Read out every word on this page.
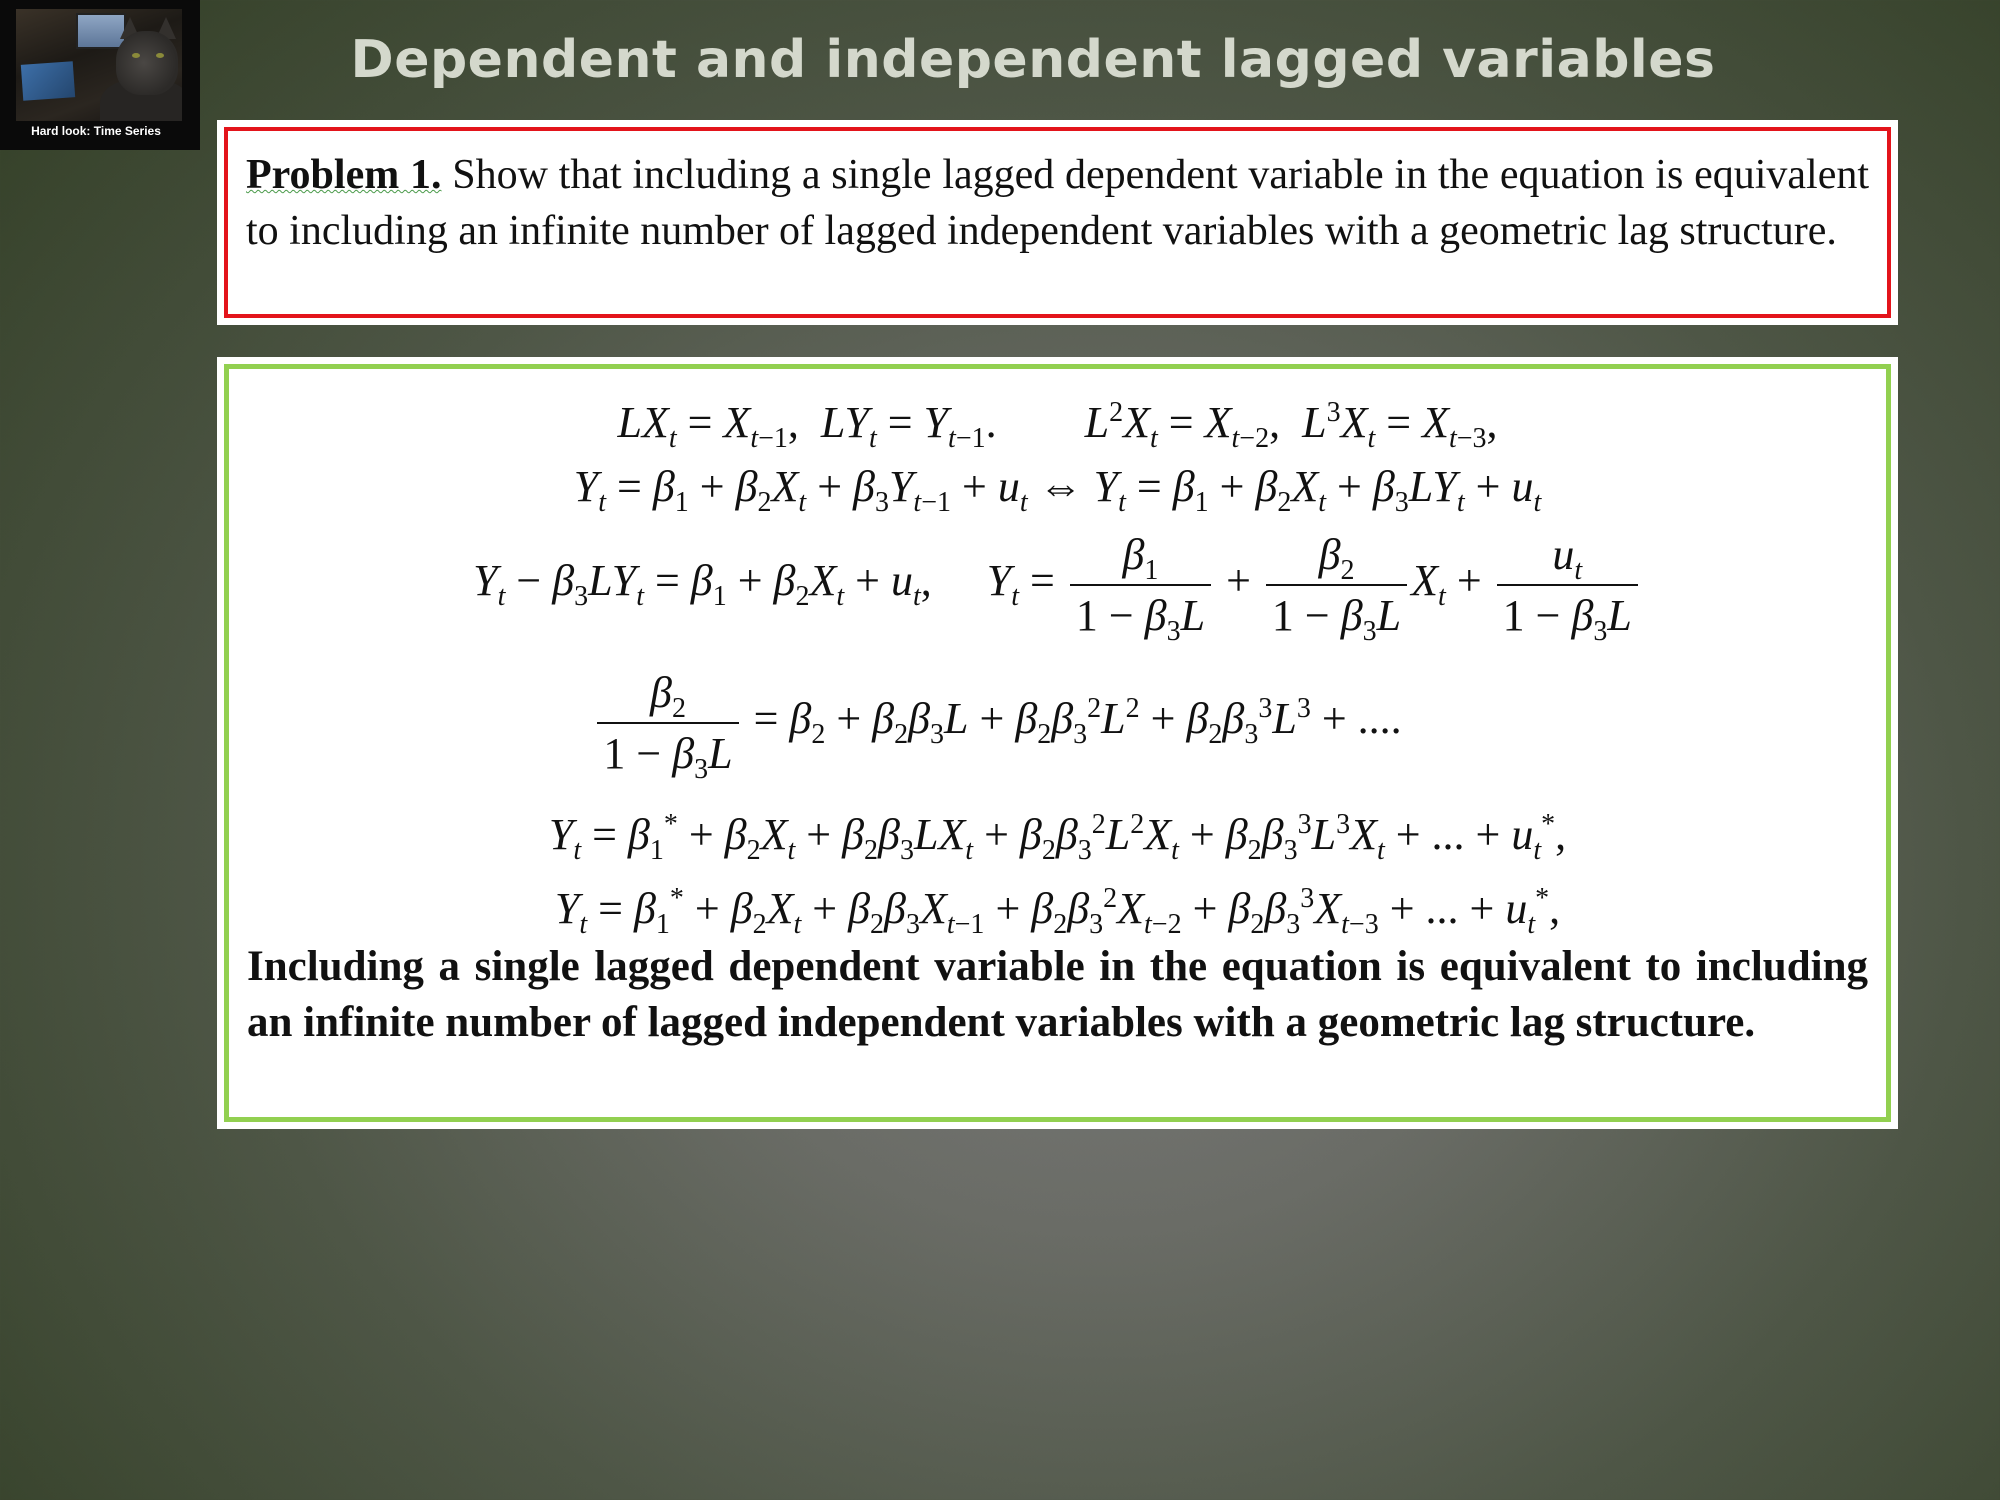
Hard look: Time Series
Dependent and independent lagged variables
Problem 1. Show that including a single lagged dependent variable in the equation is equivalent to including an infinite number of lagged independent variables with a geometric lag structure.
$LX_t = X_{t-1}$,  $LY_t = Y_{t-1}$.        $L^2X_t = X_{t-2}$,  $L^3X_t = X_{t-3}$,
$Y_t = \beta_1 + \beta_2X_t + \beta_3Y_{t-1} + u_t$ ⇔ $Y_t = \beta_1 + \beta_2X_t + \beta_3LY_t + u_t$
$Y_t - \beta_3LY_t = \beta_1 + \beta_2X_t + u_t$,     $Y_t = \frac{\beta_1}{1 - \beta_3L} + \frac{\beta_2}{1 - \beta_3L} X_t + \frac{u_t}{1 - \beta_3L}$
$\frac{\beta_2}{1 - \beta_3L} = \beta_2 + \beta_2\beta_3L + \beta_2\beta_3^2L^2 + \beta_2\beta_3^3L^3$ + ....
$Y_t = \beta_1^* + \beta_2X_t + \beta_2\beta_3LX_t + \beta_2\beta_3^2L^2X_t + \beta_2\beta_3^3L^3X_t$ + ... + $u_t^*$,
$Y_t = \beta_1^* + \beta_2X_t + \beta_2\beta_3X_{t-1} + \beta_2\beta_3^2X_{t-2} + \beta_2\beta_3^3X_{t-3}$ + ... + $u_t^*$,
Including a single lagged dependent variable in the equation is equivalent to including an infinite number of lagged independent variables with a geometric lag structure.
